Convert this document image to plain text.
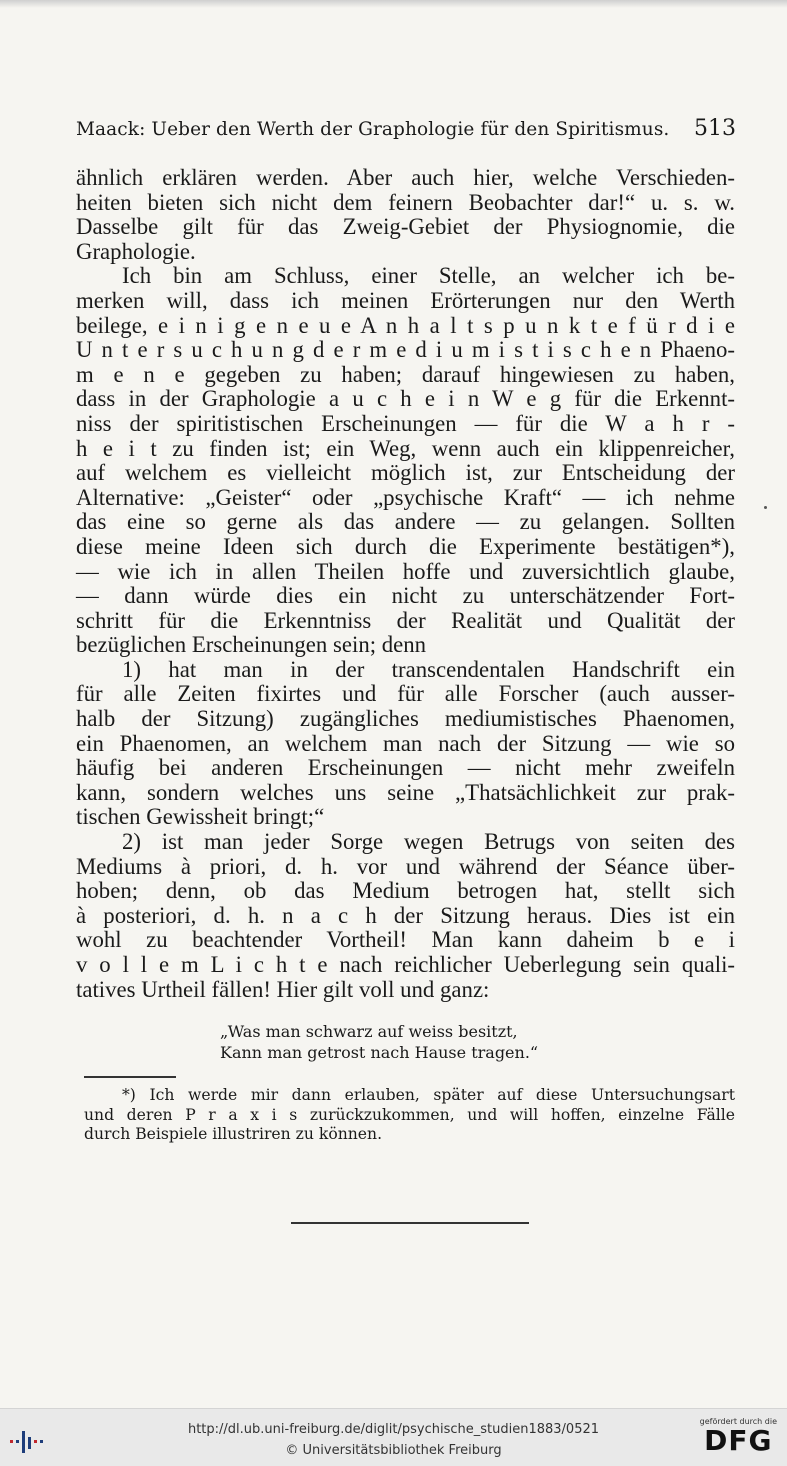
Maack: Ueber den Werth der Graphologie für den Spiritismus. 513
ähnlich erklären werden. Aber auch hier, welche Verschieden-
heiten bieten sich nicht dem feinern Beobachter dar!“ u. s. w.
Dasselbe gilt für das Zweig-Gebiet der Physiognomie, die
Graphologie.
Ich bin am Schluss, einer Stelle, an welcher ich be-
merken will, dass ich meinen Erörterungen nur den Werth
beilege, e i n i g e n e u e A n h a l t s p u n k t e f ü r d i e
U n t e r s u c h u n g d e r m e d i u m i s t i s c h e n Phaeno-
m e n e gegeben zu haben; darauf hingewiesen zu haben,
dass in der Graphologie a u c h e i n W e g für die Erkennt-
niss der spiritistischen Erscheinungen — für die W a h r -
h e i t zu finden ist; ein Weg, wenn auch ein klippenreicher,
auf welchem es vielleicht möglich ist, zur Entscheidung der
Alternative: „Geister“ oder „psychische Kraft“ — ich nehme
das eine so gerne als das andere — zu gelangen. Sollten
diese meine Ideen sich durch die Experimente bestätigen*),
— wie ich in allen Theilen hoffe und zuversichtlich glaube,
— dann würde dies ein nicht zu unterschätzender Fort-
schritt für die Erkenntniss der Realität und Qualität der
bezüglichen Erscheinungen sein; denn
1) hat man in der transcendentalen Handschrift ein
für alle Zeiten fixirtes und für alle Forscher (auch ausser-
halb der Sitzung) zugängliches mediumistisches Phaenomen,
ein Phaenomen, an welchem man nach der Sitzung — wie so
häufig bei anderen Erscheinungen — nicht mehr zweifeln
kann, sondern welches uns seine „Thatsächlichkeit zur prak-
tischen Gewissheit bringt;“
2) ist man jeder Sorge wegen Betrugs von seiten des
Mediums à priori, d. h. vor und während der Séance über-
hoben; denn, ob das Medium betrogen hat, stellt sich
à posteriori, d. h. n a c h der Sitzung heraus. Dies ist ein
wohl zu beachtender Vortheil! Man kann daheim b e i
v o l l e m L i c h t e nach reichlicher Ueberlegung sein quali-
tatives Urtheil fällen! Hier gilt voll und ganz:
„Was man schwarz auf weiss besitzt,
Kann man getrost nach Hause tragen.“
*) Ich werde mir dann erlauben, später auf diese Untersuchungsart
und deren P r a x i s zurückzukommen, und will hoffen, einzelne Fälle
durch Beispiele illustriren zu können.
http://dl.ub.uni-freiburg.de/diglit/psychische_studien1883/0521
© Universitätsbibliothek Freiburg
gefördert durch die
DFG
